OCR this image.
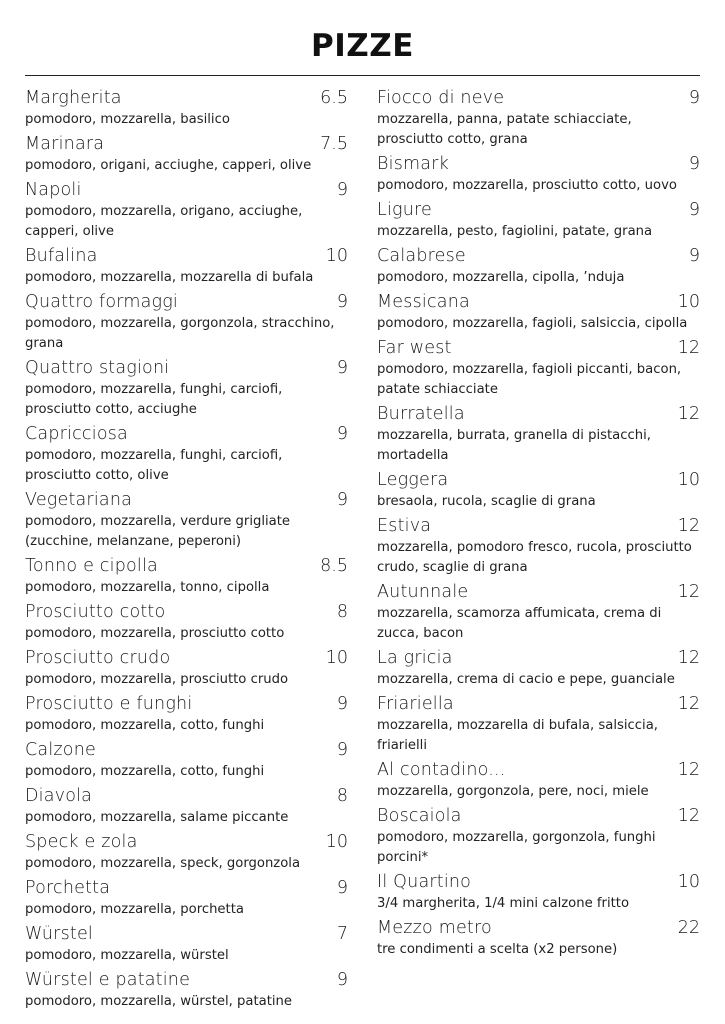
PIZZE
Margherita	6.5
pomodoro, mozzarella, basilico
Marinara	7.5
pomodoro, origani, acciughe, capperi, olive
Napoli	9
pomodoro, mozzarella, origano, acciughe, capperi, olive
Bufalina	10
pomodoro, mozzarella, mozzarella di bufala
Quattro formaggi	9
pomodoro, mozzarella, gorgonzola, stracchino, grana
Quattro stagioni	9
pomodoro, mozzarella, funghi, carciofi, prosciutto cotto, acciughe
Capricciosa	9
pomodoro, mozzarella, funghi, carciofi, prosciutto cotto, olive
Vegetariana	9
pomodoro, mozzarella, verdure grigliate (zucchine, melanzane, peperoni)
Tonno e cipolla	8.5
pomodoro, mozzarella, tonno, cipolla
Prosciutto cotto	8
pomodoro, mozzarella, prosciutto cotto
Prosciutto crudo	10
pomodoro, mozzarella, prosciutto crudo
Prosciutto e funghi	9
pomodoro, mozzarella, cotto, funghi
Calzone	9
pomodoro, mozzarella, cotto, funghi
Diavola	8
pomodoro, mozzarella, salame piccante
Speck e zola	10
pomodoro, mozzarella, speck, gorgonzola
Porchetta	9
pomodoro, mozzarella, porchetta
Würstel	7
pomodoro, mozzarella, würstel
Würstel e patatine	9
pomodoro, mozzarella, würstel, patatine
Fiocco di neve	9
mozzarella, panna, patate schiacciate, prosciutto cotto, grana
Bismark	9
pomodoro, mozzarella, prosciutto cotto, uovo
Ligure	9
mozzarella, pesto, fagiolini, patate, grana
Calabrese	9
pomodoro, mozzarella, cipolla, ’nduja
Messicana	10
pomodoro, mozzarella, fagioli, salsiccia, cipolla
Far west	12
pomodoro, mozzarella, fagioli piccanti, bacon, patate schiacciate
Burratella	12
mozzarella, burrata, granella di pistacchi, mortadella
Leggera	10
bresaola, rucola, scaglie di grana
Estiva	12
mozzarella, pomodoro fresco, rucola, prosciutto crudo, scaglie di grana
Autunnale	12
mozzarella, scamorza affumicata, crema di zucca, bacon
La gricia	12
mozzarella, crema di cacio e pepe, guanciale
Friariella	12
mozzarella, mozzarella di bufala, salsiccia, friarielli
Al contadino...	12
mozzarella, gorgonzola, pere, noci, miele
Boscaiola	12
pomodoro, mozzarella, gorgonzola, funghi porcini*
Il Quartino	10
3/4 margherita, 1/4 mini calzone fritto
Mezzo metro	22
tre condimenti a scelta (x2 persone)
